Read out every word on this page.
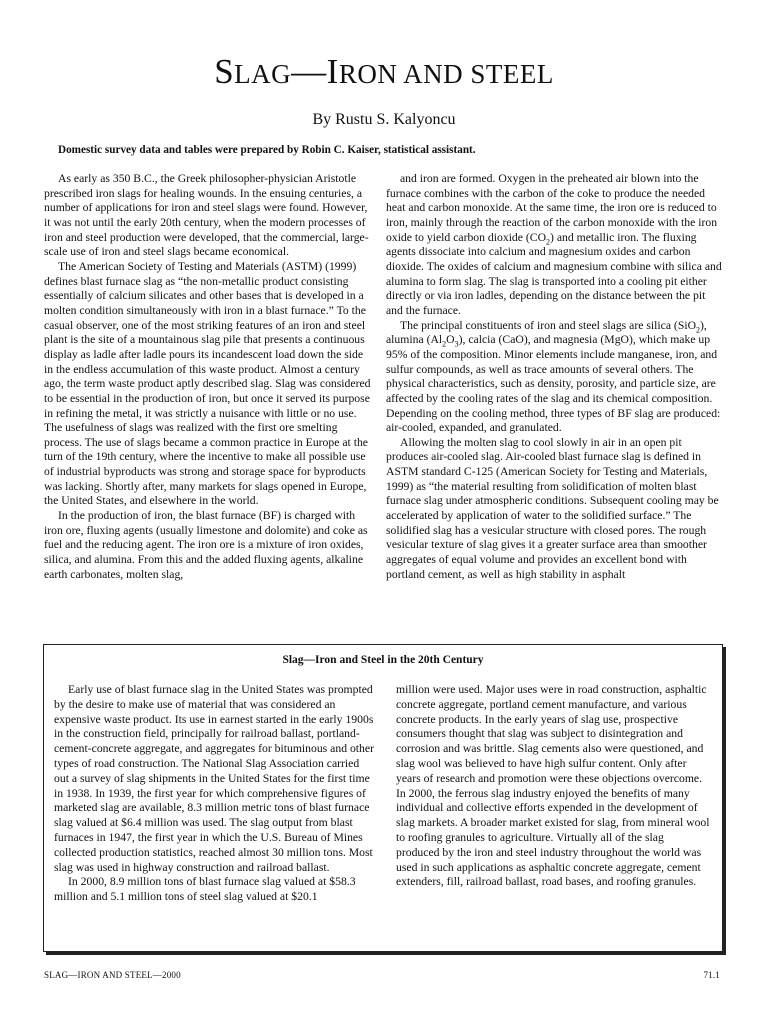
SLAG—IRON AND STEEL
By Rustu S. Kalyoncu
Domestic survey data and tables were prepared by Robin C. Kaiser, statistical assistant.

As early as 350 B.C., the Greek philosopher-physician Aristotle prescribed iron slags for healing wounds. In the ensuing centuries, a number of applications for iron and steel slags were found. However, it was not until the early 20th century, when the modern processes of iron and steel production were developed, that the commercial, large-scale use of iron and steel slags became economical.

The American Society of Testing and Materials (ASTM) (1999) defines blast furnace slag as “the non-metallic product consisting essentially of calcium silicates and other bases that is developed in a molten condition simultaneously with iron in a blast furnace.” To the casual observer, one of the most striking features of an iron and steel plant is the site of a mountainous slag pile that presents a continuous display as ladle after ladle pours its incandescent load down the side in the endless accumulation of this waste product. Almost a century ago, the term waste product aptly described slag. Slag was considered to be essential in the production of iron, but once it served its purpose in refining the metal, it was strictly a nuisance with little or no use. The usefulness of slags was realized with the first ore smelting process. The use of slags became a common practice in Europe at the turn of the 19th century, where the incentive to make all possible use of industrial byproducts was strong and storage space for byproducts was lacking. Shortly after, many markets for slags opened in Europe, the United States, and elsewhere in the world.

In the production of iron, the blast furnace (BF) is charged with iron ore, fluxing agents (usually limestone and dolomite) and coke as fuel and the reducing agent. The iron ore is a mixture of iron oxides, silica, and alumina. From this and the added fluxing agents, alkaline earth carbonates, molten slag,

and iron are formed. Oxygen in the preheated air blown into the furnace combines with the carbon of the coke to produce the needed heat and carbon monoxide. At the same time, the iron ore is reduced to iron, mainly through the reaction of the carbon monoxide with the iron oxide to yield carbon dioxide $(CO_2)$ and metallic iron. The fluxing agents dissociate into calcium and magnesium oxides and carbon dioxide. The oxides of calcium and magnesium combine with silica and alumina to form slag. The slag is transported into a cooling pit either directly or via iron ladles, depending on the distance between the pit and the furnace.

The principal constituents of iron and steel slags are silica (SiO$_2$), alumina $(Al_2O_3)$, calcia (CaO), and magnesia (MgO), which make up 95% of the composition. Minor elements include manganese, iron, and sulfur compounds, as well as trace amounts of several others. The physical characteristics, such as density, porosity, and particle size, are affected by the cooling rates of the slag and its chemical composition. Depending on the cooling method, three types of BF slag are produced: air-cooled, expanded, and granulated.

Allowing the molten slag to cool slowly in air in an open pit produces air-cooled slag. Air-cooled blast furnace slag is defined in ASTM standard C-125 (American Society for Testing and Materials, 1999) as “the material resulting from solidification of molten blast furnace slag under atmospheric conditions. Subsequent cooling may be accelerated by application of water to the solidified surface.” The solidified slag has a vesicular structure with closed pores. The rough vesicular texture of slag gives it a greater surface area than smoother aggregates of equal volume and provides an excellent bond with portland cement, as well as high stability in asphalt

Slag—Iron and Steel in the 20th Century

Early use of blast furnace slag in the United States was prompted by the desire to make use of material that was considered an expensive waste product. Its use in earnest started in the early 1900s in the construction field, principally for railroad ballast, portland-cement-concrete aggregate, and aggregates for bituminous and other types of road construction. The National Slag Association carried out a survey of slag shipments in the United States for the first time in 1938. In 1939, the first year for which comprehensive figures of marketed slag are available, 8.3 million metric tons of blast furnace slag valued at $6.4 million was used. The slag output from blast furnaces in 1947, the first year in which the U.S. Bureau of Mines collected production statistics, reached almost 30 million tons. Most slag was used in highway construction and railroad ballast.

In 2000, 8.9 million tons of blast furnace slag valued at $58.3 million and 5.1 million tons of steel slag valued at $20.1

million were used. Major uses were in road construction, asphaltic concrete aggregate, portland cement manufacture, and various concrete products. In the early years of slag use, prospective consumers thought that slag was subject to disintegration and corrosion and was brittle. Slag cements also were questioned, and slag wool was believed to have high sulfur content. Only after years of research and promotion were these objections overcome. In 2000, the ferrous slag industry enjoyed the benefits of many individual and collective efforts expended in the development of slag markets. A broader market existed for slag, from mineral wool to roofing granules to agriculture. Virtually all of the slag produced by the iron and steel industry throughout the world was used in such applications as asphaltic concrete aggregate, cement extenders, fill, railroad ballast, road bases, and roofing granules.

SLAG—IRON AND STEEL—2000	71.1
